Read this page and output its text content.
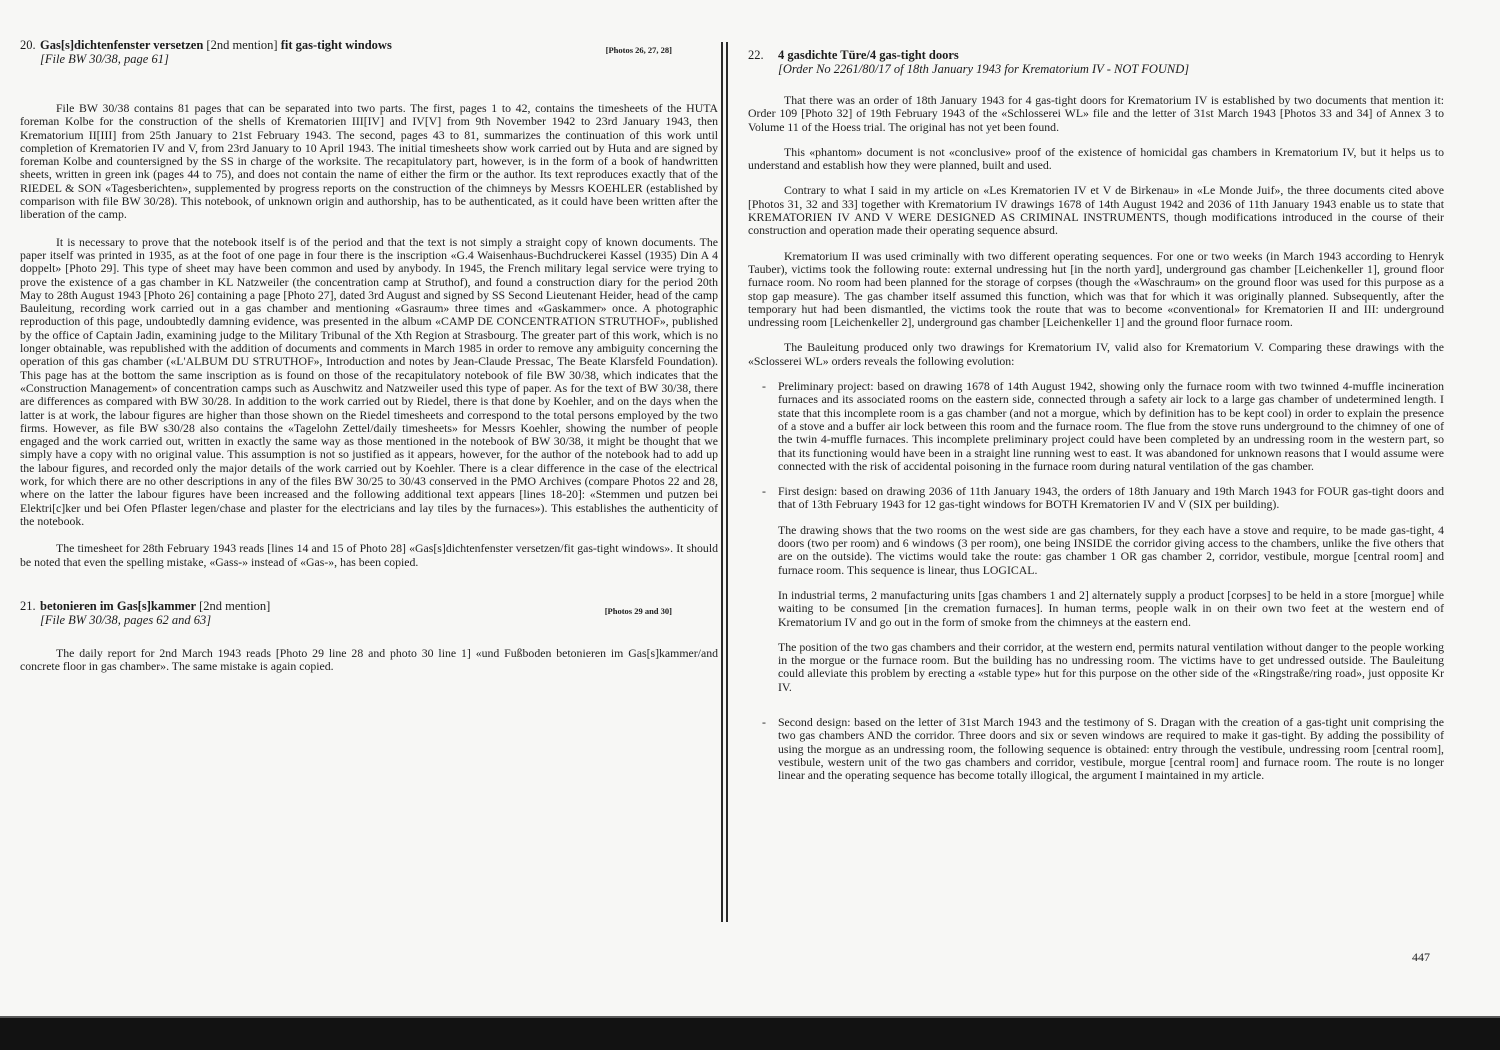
20. Gas[s]dichtenfenster versetzen [2nd mention] fit gas-tight windows	[Photos 26, 27, 28]
[File BW 30/38, page 61]

File BW 30/38 contains 81 pages that can be separated into two parts. The first, pages 1 to 42, contains the timesheets of the HUTA foreman Kolbe for the construction of the shells of Krematorien III[IV] and IV[V] from 9th November 1942 to 23rd January 1943, then Krematorium II[III] from 25th January to 21st February 1943. The second, pages 43 to 81, summarizes the continuation of this work until completion of Krematorien IV and V, from 23rd January to 10 April 1943. The initial timesheets show work carried out by Huta and are signed by foreman Kolbe and countersigned by the SS in charge of the worksite. The recapitulatory part, however, is in the form of a book of handwritten sheets, written in green ink (pages 44 to 75), and does not contain the name of either the firm or the author. Its text reproduces exactly that of the RIEDEL & SON «Tagesberichten», supplemented by progress reports on the construction of the chimneys by Messrs KOEHLER (established by comparison with file BW 30/28). This notebook, of unknown origin and authorship, has to be authenticated, as it could have been written after the liberation of the camp.

It is necessary to prove that the notebook itself is of the period and that the text is not simply a straight copy of known documents. The paper itself was printed in 1935, as at the foot of one page in four there is the inscription «G.4 Waisenhaus-Buchdruckerei Kassel (1935) Din A 4 doppelt» [Photo 29]. This type of sheet may have been common and used by anybody. In 1945, the French military legal service were trying to prove the existence of a gas chamber in KL Natzweiler (the concentration camp at Struthof), and found a construction diary for the period 20th May to 28th August 1943 [Photo 26] containing a page [Photo 27], dated 3rd August and signed by SS Second Lieutenant Heider, head of the camp Bauleitung, recording work carried out in a gas chamber and mentioning «Gasraum» three times and «Gaskammer» once. A photographic reproduction of this page, undoubtedly damning evidence, was presented in the album «CAMP DE CONCENTRATION STRUTHOF», published by the office of Captain Jadin, examining judge to the Military Tribunal of the Xth Region at Strasbourg. The greater part of this work, which is no longer obtainable, was republished with the addition of documents and comments in March 1985 in order to remove any ambiguity concerning the operation of this gas chamber («L'ALBUM DU STRUTHOF», Introduction and notes by Jean-Claude Pressac, The Beate Klarsfeld Foundation). This page has at the bottom the same inscription as is found on those of the recapitulatory notebook of file BW 30/38, which indicates that the «Construction Management» of concentration camps such as Auschwitz and Natzweiler used this type of paper. As for the text of BW 30/38, there are differences as compared with BW 30/28. In addition to the work carried out by Riedel, there is that done by Koehler, and on the days when the latter is at work, the labour figures are higher than those shown on the Riedel timesheets and correspond to the total persons employed by the two firms. However, as file BW s30/28 also contains the «Tagelohn Zettel/daily timesheets» for Messrs Koehler, showing the number of people engaged and the work carried out, written in exactly the same way as those mentioned in the notebook of BW 30/38, it might be thought that we simply have a copy with no original value. This assumption is not so justified as it appears, however, for the author of the notebook had to add up the labour figures, and recorded only the major details of the work carried out by Koehler. There is a clear difference in the case of the electrical work, for which there are no other descriptions in any of the files BW 30/25 to 30/43 conserved in the PMO Archives (compare Photos 22 and 28, where on the latter the labour figures have been increased and the following additional text appears [lines 18-20]: «Stemmen und putzen bei Elektri[c]ker und bei Ofen Pflaster legen/chase and plaster for the electricians and lay tiles by the furnaces»). This establishes the authenticity of the notebook.

The timesheet for 28th February 1943 reads [lines 14 and 15 of Photo 28] «Gas[s]dichtenfenster versetzen/fit gas-tight windows». It should be noted that even the spelling mistake, «Gass-» instead of «Gas-», has been copied.

21. betonieren im Gas[s]kammer [2nd mention]	[Photos 29 and 30]
[File BW 30/38, pages 62 and 63]

The daily report for 2nd March 1943 reads [Photo 29 line 28 and photo 30 line 1] «und Fußboden betonieren im Gas[s]kammer/and concrete floor in gas chamber». The same mistake is again copied.

22.	4 gasdichte Türe/4 gas-tight doors
[Order No 2261/80/17 of 18th January 1943 for Krematorium IV - NOT FOUND]

That there was an order of 18th January 1943 for 4 gas-tight doors for Krematorium IV is established by two documents that mention it: Order 109 [Photo 32] of 19th February 1943 of the «Schlosserei WL» file and the letter of 31st March 1943 [Photos 33 and 34] of Annex 3 to Volume 11 of the Hoess trial. The original has not yet been found.

This «phantom» document is not «conclusive» proof of the existence of homicidal gas chambers in Krematorium IV, but it helps us to understand and establish how they were planned, built and used.

Contrary to what I said in my article on «Les Krematorien IV et V de Birkenau» in «Le Monde Juif», the three documents cited above [Photos 31, 32 and 33] together with Krematorium IV drawings 1678 of 14th August 1942 and 2036 of 11th January 1943 enable us to state that KREMATORIEN IV AND V WERE DESIGNED AS CRIMINAL INSTRUMENTS, though modifications introduced in the course of their construction and operation made their operating sequence absurd.

Krematorium II was used criminally with two different operating sequences. For one or two weeks (in March 1943 according to Henryk Tauber), victims took the following route: external undressing hut [in the north yard], underground gas chamber [Leichenkeller 1], ground floor furnace room. No room had been planned for the storage of corpses (though the «Waschraum» on the ground floor was used for this purpose as a stop gap measure). The gas chamber itself assumed this function, which was that for which it was originally planned. Subsequently, after the temporary hut had been dismantled, the victims took the route that was to become «conventional» for Krematorien II and III: underground undressing room [Leichenkeller 2], underground gas chamber [Leichenkeller 1] and the ground floor furnace room.

The Bauleitung produced only two drawings for Krematorium IV, valid also for Krematorium V. Comparing these drawings with the «Sclosserei WL» orders reveals the following evolution:

- Preliminary project: based on drawing 1678 of 14th August 1942, showing only the furnace room with two twinned 4-muffle incineration furnaces and its associated rooms on the eastern side, connected through a safety air lock to a large gas chamber of undetermined length. I state that this incomplete room is a gas chamber (and not a morgue, which by definition has to be kept cool) in order to explain the presence of a stove and a buffer air lock between this room and the furnace room. The flue from the stove runs underground to the chimney of one of the twin 4-muffle furnaces. This incomplete preliminary project could have been completed by an undressing room in the western part, so that its functioning would have been in a straight line running west to east. It was abandoned for unknown reasons that I would assume were connected with the risk of accidental poisoning in the furnace room during natural ventilation of the gas chamber.
- First design: based on drawing 2036 of 11th January 1943, the orders of 18th January and 19th March 1943 for FOUR gas-tight doors and that of 13th February 1943 for 12 gas-tight windows for BOTH Krematorien IV and V (SIX per building).

The drawing shows that the two rooms on the west side are gas chambers, for they each have a stove and require, to be made gas-tight, 4 doors (two per room) and 6 windows (3 per room), one being INSIDE the corridor giving access to the chambers, unlike the five others that are on the outside). The victims would take the route: gas chamber 1 OR gas chamber 2, corridor, vestibule, morgue [central room] and furnace room. This sequence is linear, thus LOGICAL.

In industrial terms, 2 manufacturing units [gas chambers 1 and 2] alternately supply a product [corpses] to be held in a store [morgue] while waiting to be consumed [in the cremation furnaces]. In human terms, people walk in on their own two feet at the western end of Krematorium IV and go out in the form of smoke from the chimneys at the eastern end.

The position of the two gas chambers and their corridor, at the western end, permits natural ventilation without danger to the people working in the morgue or the furnace room. But the building has no undressing room. The victims have to get undressed outside. The Bauleitung could alleviate this problem by erecting a «stable type» hut for this purpose on the other side of the «Ringstraße/ring road», just opposite Kr IV.

- Second design: based on the letter of 31st March 1943 and the testimony of S. Dragan with the creation of a gas-tight unit comprising the two gas chambers AND the corridor. Three doors and six or seven windows are required to make it gas-tight. By adding the possibility of using the morgue as an undressing room, the following sequence is obtained: entry through the vestibule, undressing room [central room], vestibule, western unit of the two gas chambers and corridor, vestibule, morgue [central room] and furnace room. The route is no longer linear and the operating sequence has become totally illogical, the argument I maintained in my article.
447
